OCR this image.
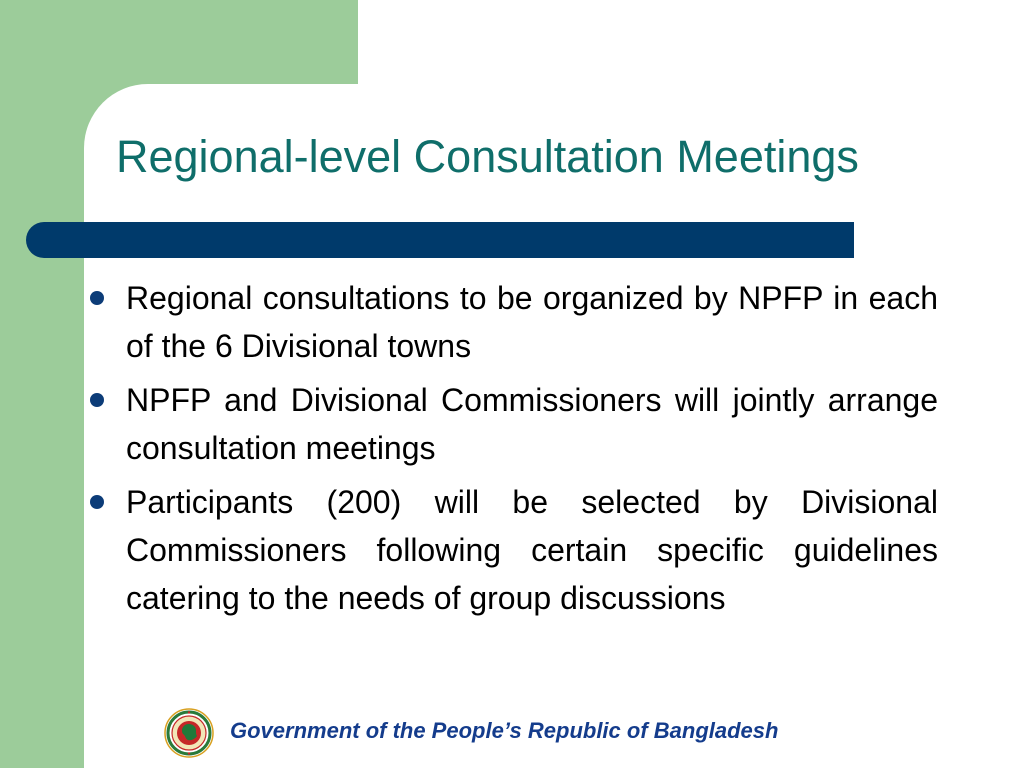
Regional-level Consultation Meetings
Regional consultations to be organized by NPFP in each of the 6 Divisional towns
NPFP and Divisional Commissioners will jointly arrange consultation meetings
Participants (200) will be selected by Divisional Commissioners following certain specific guidelines catering to the needs of group discussions
Government of the People’s Republic of Bangladesh
